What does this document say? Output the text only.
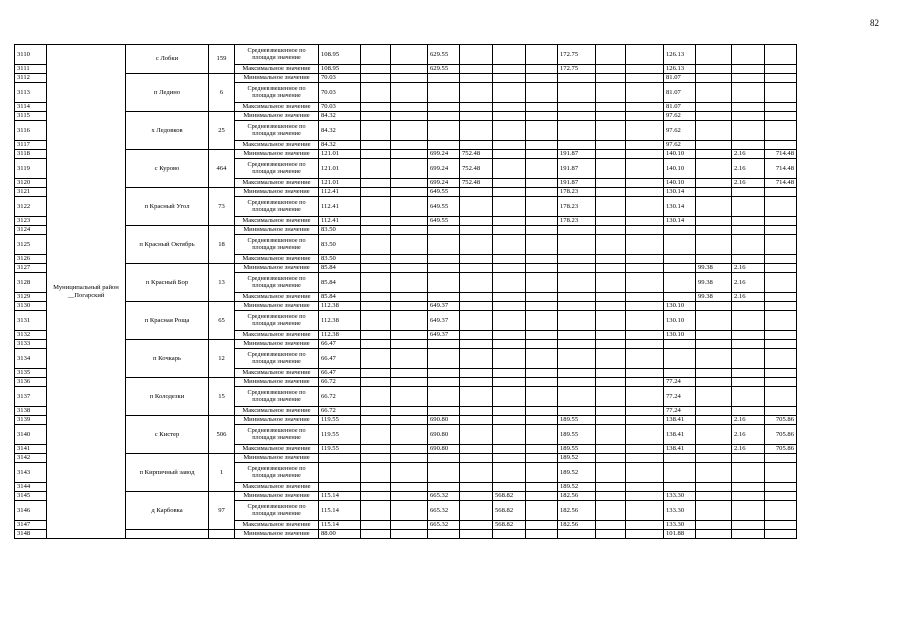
82
3110	Муниципальный район __Погарский	с Лобки	159	Средневзвешенное по площади значение	108.95			629.55				172.75			126.13			
3111				Максимальное значение	108.95			629.55				172.75			126.13			
3112		п Ледино	6	Минимальное значение	70.03										81.07			
3113				Средневзвешенное по площади значение	70.03										81.07			
3114				Максимальное значение	70.03										81.07			
3115		х Ледовков	25	Минимальное значение	84.32										97.62			
3116				Средневзвешенное по площади значение	84.32										97.62			
3117				Максимальное значение	84.32										97.62			
3118		с Курово	464	Минимальное значение	121.01			699.24	752.48			191.87			140.10		2.16	714.48
3119				Средневзвешенное по площади значение	121.01			699.24	752.48			191.87			140.10		2.16	714.48
3120				Максимальное значение	121.01			699.24	752.48			191.87			140.10		2.16	714.48
3121		п Красный Угол	73	Минимальное значение	112.41			649.55				178.23			130.14			
3122				Средневзвешенное по площади значение	112.41			649.55				178.23			130.14			
3123				Максимальное значение	112.41			649.55				178.23			130.14			
3124		п Красный Октябрь	18	Минимальное значение	83.50													
3125				Средневзвешенное по площади значение	83.50													
3126				Максимальное значение	83.50													
3127		п Красный Бор	13	Минимальное значение	85.84											99.38	2.16	
3128				Средневзвешенное по площади значение	85.84											99.38	2.16	
3129				Максимальное значение	85.84											99.38	2.16	
3130		п Красная Роща	65	Минимальное значение	112.38			649.37							130.10			
3131				Средневзвешенное по площади значение	112.38			649.37							130.10			
3132				Максимальное значение	112.38			649.37							130.10			
3133		п Кочкарь	12	Минимальное значение	66.47													
3134				Средневзвешенное по площади значение	66.47													
3135				Максимальное значение	66.47													
3136		п Колодезки	15	Минимальное значение	66.72										77.24			
3137				Средневзвешенное по площади значение	66.72										77.24			
3138				Максимальное значение	66.72										77.24			
3139		с Кистер	506	Минимальное значение	119.55			690.80				189.55			138.41		2.16	705.86
3140				Средневзвешенное по площади значение	119.55			690.80				189.55			138.41		2.16	705.86
3141				Максимальное значение	119.55			690.80				189.55			138.41		2.16	705.86
3142		п Кирпичный завод	1	Минимальное значение								189.52						
3143				Средневзвешенное по площади значение								189.52						
3144				Максимальное значение								189.52						
3145		д Карбовка	97	Минимальное значение	115.14			665.32		568.82		182.56			133.30			
3146				Средневзвешенное по площади значение	115.14			665.32		568.82		182.56			133.30			
3147				Максимальное значение	115.14			665.32		568.82		182.56			133.30			
3148				Минимальное значение	88.00										101.88			
